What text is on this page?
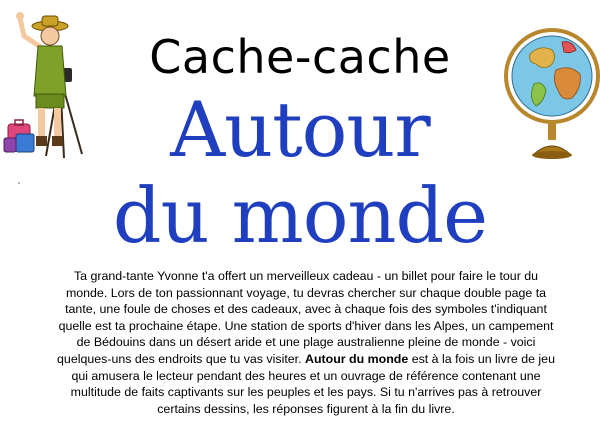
Cache-cache
Autour
du monde
Ta grand-tante Yvonne t'a offert un merveilleux cadeau - un billet pour faire le tour du monde. Lors de ton passionnant voyage, tu devras chercher sur chaque double page ta tante, une foule de choses et des cadeaux, avec à chaque fois des symboles t'indiquant quelle est ta prochaine étape. Une station de sports d'hiver dans les Alpes, un campement de Bédouins dans un désert aride et une plage australienne pleine de monde - voici quelques-uns des endroits que tu vas visiter. Autour du monde est à la fois un livre de jeu qui amusera le lecteur pendant des heures et un ouvrage de référence contenant une multitude de faits captivants sur les peuples et les pays. Si tu n'arrives pas à retrouver certains dessins, les réponses figurent à la fin du livre.
